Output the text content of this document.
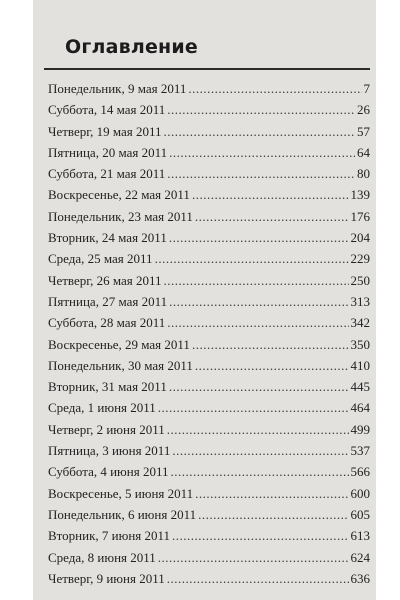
Оглавление
Понедельник, 9 мая 2011 .....	7
Суббота, 14 мая 2011 .....	26
Четверг, 19 мая 2011 .....	57
Пятница, 20 мая 2011 .....	64
Суббота, 21 мая 2011 .....	80
Воскресенье, 22 мая 2011 .....	139
Понедельник, 23 мая 2011 .....	176
Вторник, 24 мая 2011 .....	204
Среда, 25 мая 2011 .....	229
Четверг, 26 мая 2011 .....	250
Пятница, 27 мая 2011 .....	313
Суббота, 28 мая 2011 .....	342
Воскресенье, 29 мая 2011 .....	350
Понедельник, 30 мая 2011 .....	410
Вторник, 31 мая 2011 .....	445
Среда, 1 июня 2011 .....	464
Четверг, 2 июня 2011 .....	499
Пятница, 3 июня 2011 .....	537
Суббота, 4 июня 2011 .....	566
Воскресенье, 5 июня 2011 .....	600
Понедельник, 6 июня 2011 .....	605
Вторник, 7 июня 2011 .....	613
Среда, 8 июня 2011 .....	624
Четверг, 9 июня 2011 .....	636
